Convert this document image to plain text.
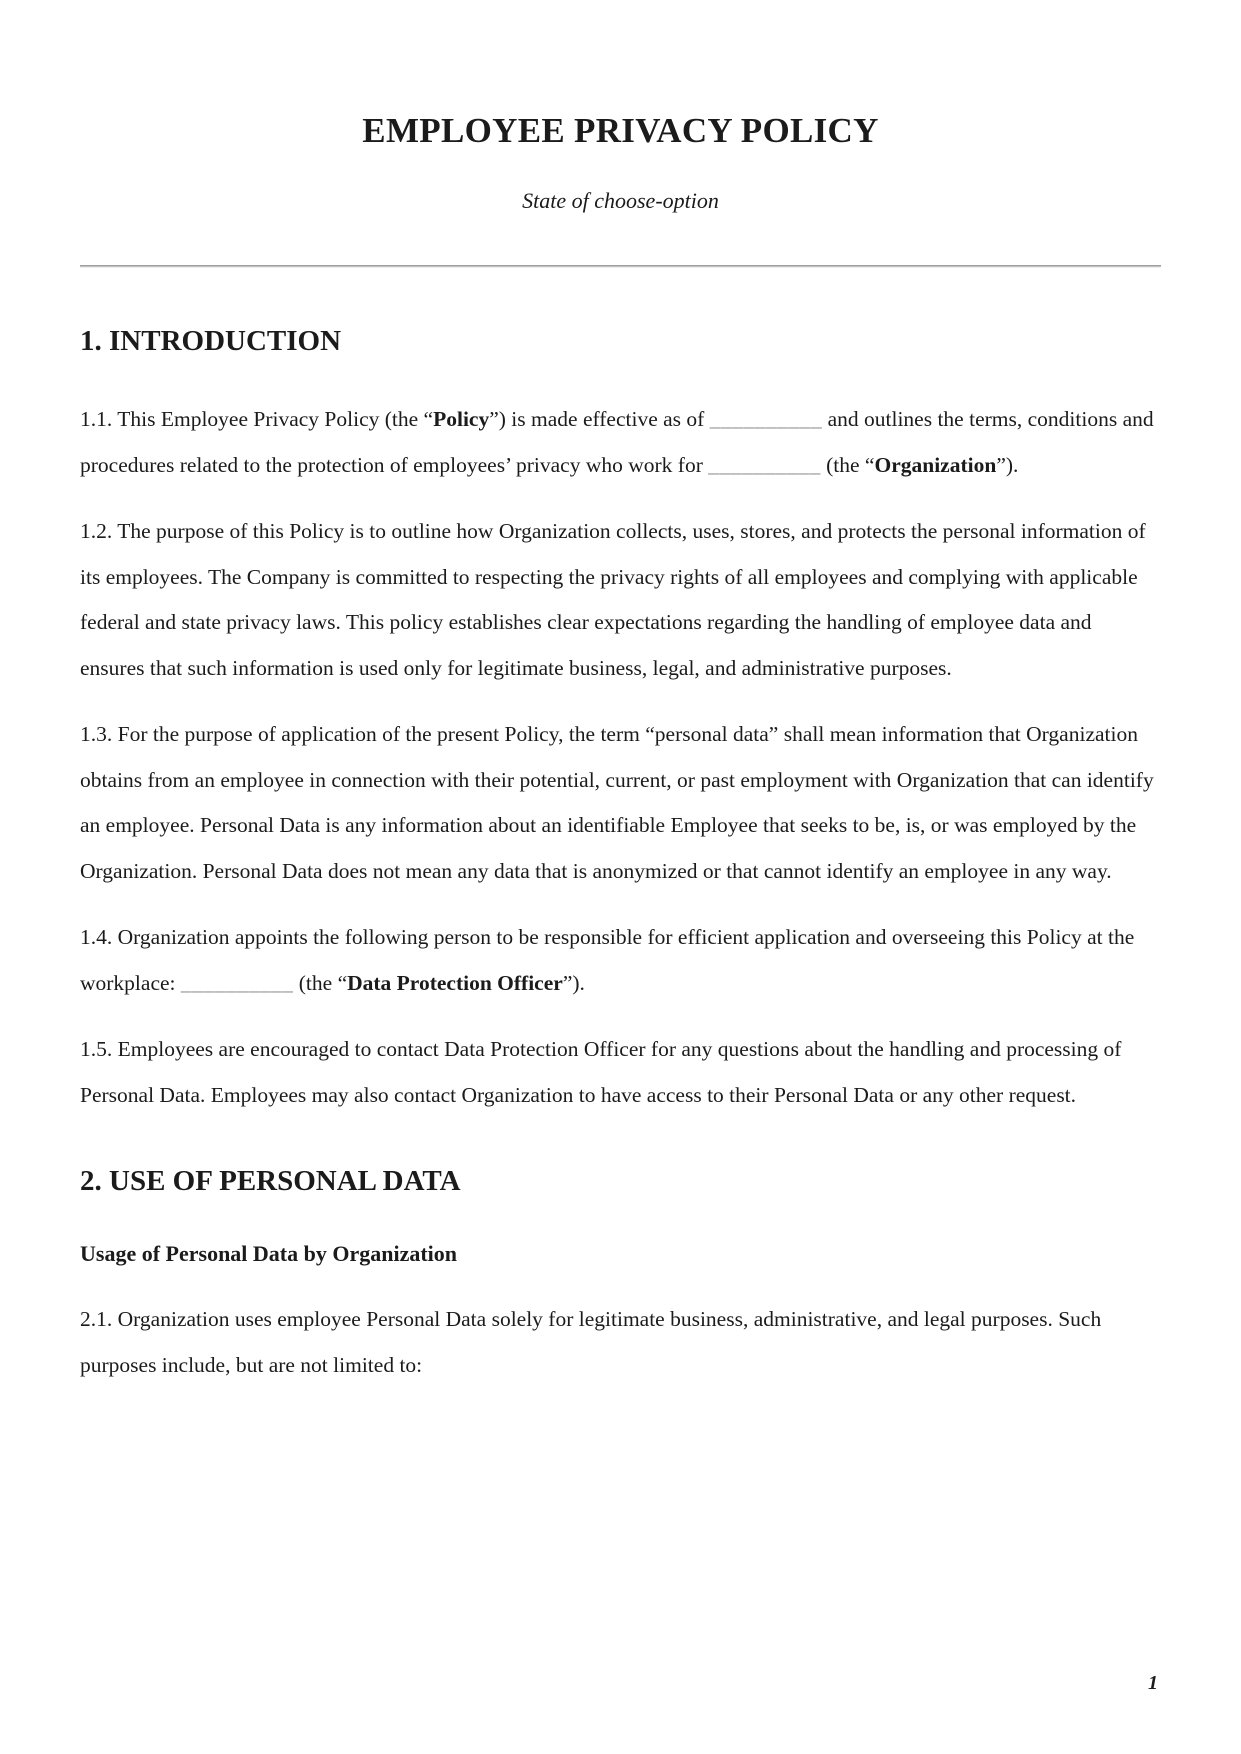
EMPLOYEE PRIVACY POLICY
State of choose-option
1. INTRODUCTION

1.1. This Employee Privacy Policy (the “Policy”) is made effective as of __________ and outlines the terms, conditions and procedures related to the protection of employees’ privacy who work for __________ (the “Organization”).

1.2. The purpose of this Policy is to outline how Organization collects, uses, stores, and protects the personal information of its employees. The Company is committed to respecting the privacy rights of all employees and complying with applicable federal and state privacy laws. This policy establishes clear expectations regarding the handling of employee data and ensures that such information is used only for legitimate business, legal, and administrative purposes.

1.3. For the purpose of application of the present Policy, the term “personal data” shall mean information that Organization obtains from an employee in connection with their potential, current, or past employment with Organization that can identify an employee. Personal Data is any information about an identifiable Employee that seeks to be, is, or was employed by the Organization. Personal Data does not mean any data that is anonymized or that cannot identify an employee in any way.

1.4. Organization appoints the following person to be responsible for efficient application and overseeing this Policy at the workplace: __________ (the “Data Protection Officer”).

1.5. Employees are encouraged to contact Data Protection Officer for any questions about the handling and processing of Personal Data. Employees may also contact Organization to have access to their Personal Data or any other request.

2. USE OF PERSONAL DATA
Usage of Personal Data by Organization

2.1. Organization uses employee Personal Data solely for legitimate business, administrative, and legal purposes. Such purposes include, but are not limited to:

1
